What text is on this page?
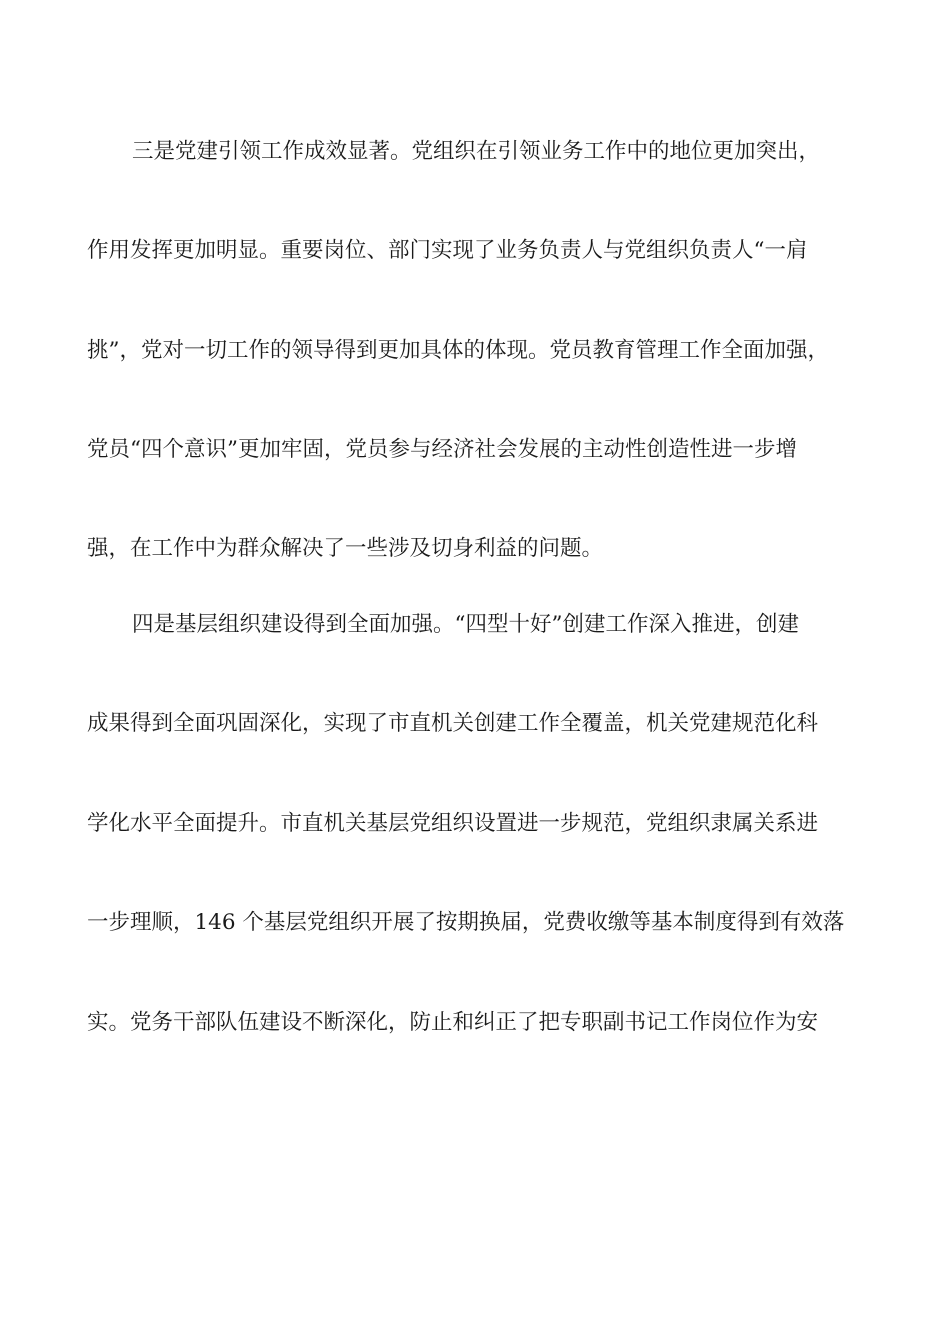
三是党建引领工作成效显著。党组织在引领业务工作中的地位更加突出，
作用发挥更加明显。重要岗位、部门实现了业务负责人与党组织负责人“一肩
挑”，党对一切工作的领导得到更加具体的体现。党员教育管理工作全面加强，
党员“四个意识”更加牢固，党员参与经济社会发展的主动性创造性进一步增
强，在工作中为群众解决了一些涉及切身利益的问题。
四是基层组织建设得到全面加强。“四型十好”创建工作深入推进，创建
成果得到全面巩固深化，实现了市直机关创建工作全覆盖，机关党建规范化科
学化水平全面提升。市直机关基层党组织设置进一步规范，党组织隶属关系进
一步理顺，146 个基层党组织开展了按期换届，党费收缴等基本制度得到有效落
实。党务干部队伍建设不断深化，防止和纠正了把专职副书记工作岗位作为安
